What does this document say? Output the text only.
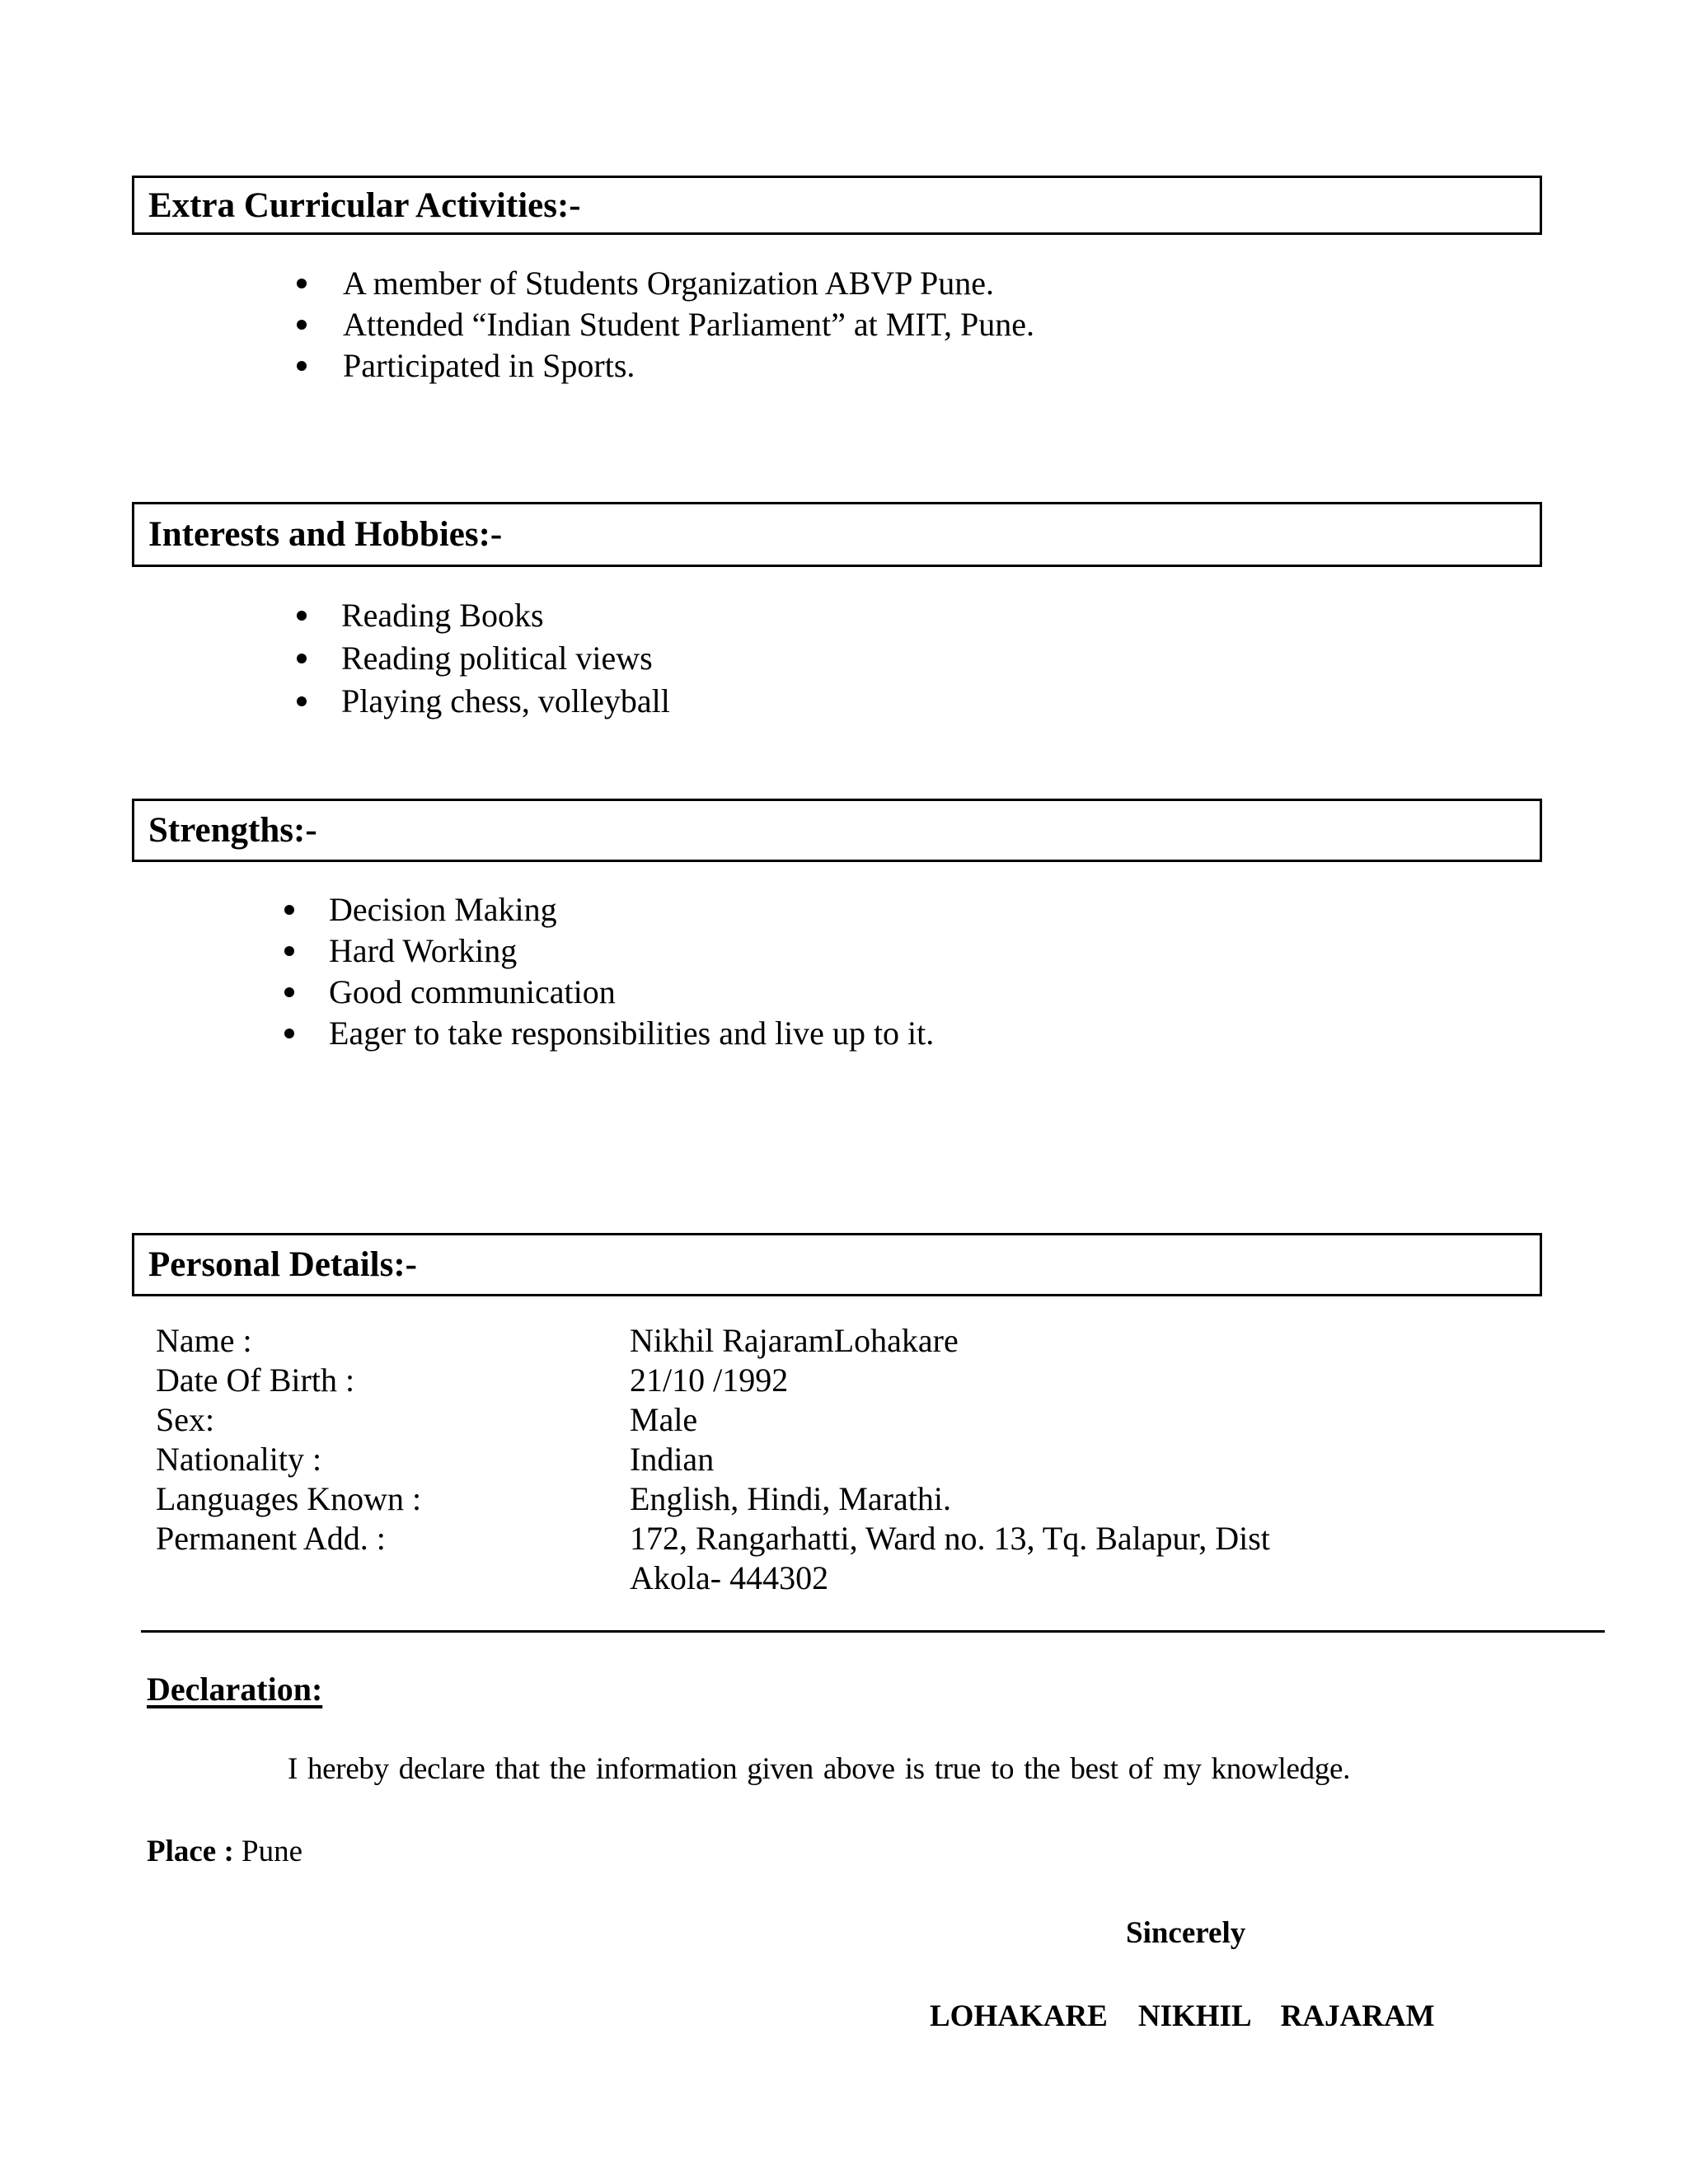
Extra Curricular Activities:-
A member of Students Organization ABVP Pune.
Attended “Indian Student Parliament” at MIT, Pune.
Participated in Sports.
Interests and Hobbies:-
Reading Books
Reading political views
Playing chess, volleyball
Strengths:-
Decision Making
Hard Working
Good communication
Eager to take responsibilities and live up to it.
Personal Details:-
Name :	Nikhil RajaramLohakare
Date Of Birth :	21/10 /1992
Sex:	Male
Nationality :	Indian
Languages Known :	English, Hindi, Marathi.
Permanent Add. :	172, Rangarhatti, Ward no. 13, Tq. Balapur, Dist
Akola- 444302
Declaration:
I hereby declare that the information given above is true to the best of my knowledge.
Place : Pune
Sincerely
LOHAKARE    NIKHIL    RAJARAM
